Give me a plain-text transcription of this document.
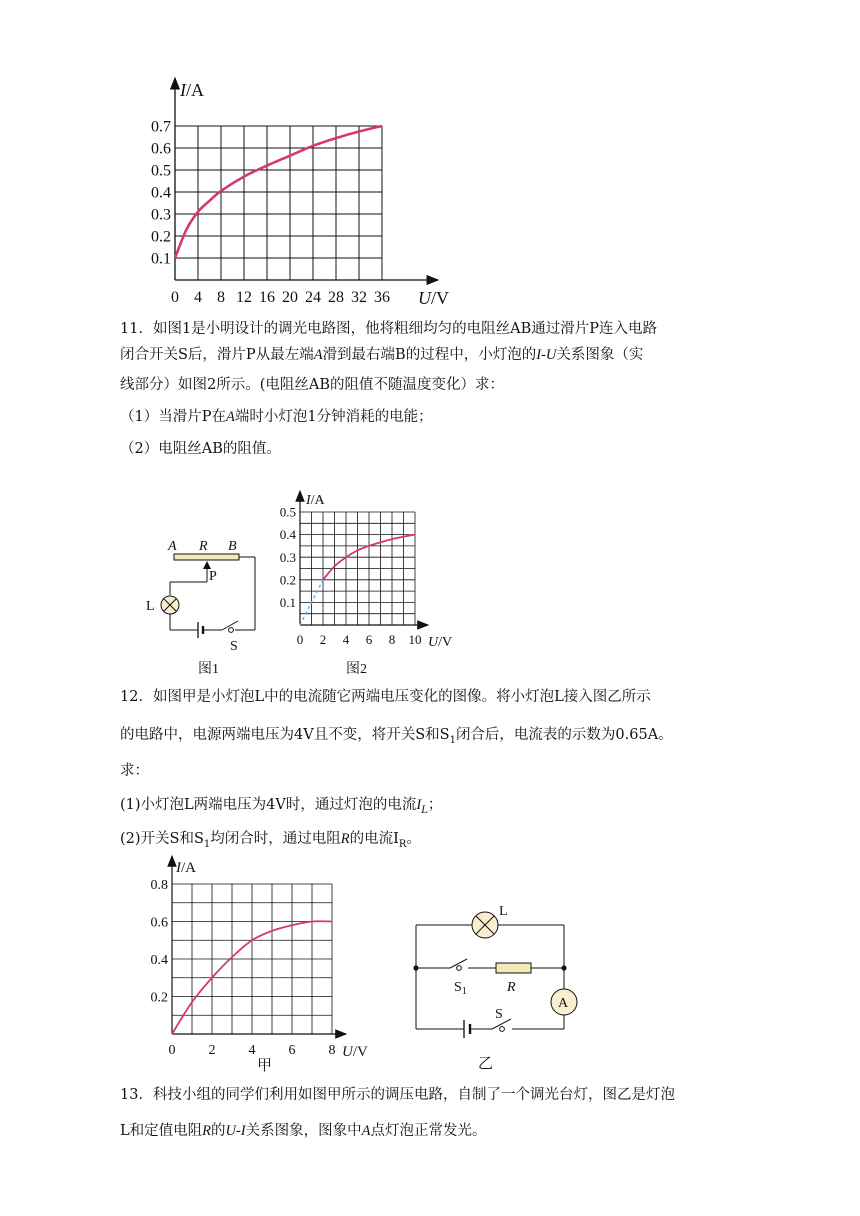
I/A
U/V
0 4 8 12 16 20 24 28 32 36
0.1
0.2
0.3
0.4
0.5
0.6
0.7

11．如图1是小明设计的调光电路图，他将粗细均匀的电阻丝AB通过滑片P连入电路

闭合开关S后，滑片P从最左端A滑到最右端B的过程中，小灯泡的I-U关系图象（实

线部分）如图2所示。(电阻丝AB的阻值不随温度变化）求：

（1）当滑片P在A端时小灯泡1分钟消耗的电能；

（2）电阻丝AB的阻值。

A R B
P
L
S
图1
I/A
U/V
0 2 4 6 8 10
0.1
0.2
0.3
0.4
0.5
图2

12．如图甲是小灯泡L中的电流随它两端电压变化的图像。将小灯泡L接入图乙所示

的电路中，电源两端电压为4V且不变，将开关S和$S_1$闭合后，电流表的示数为0.65A。

求：

(1)小灯泡L两端电压为4V时，通过灯泡的电流$I_L$；

(2)开关S和$S_1$均闭合时，通过电阻R的电流$I_R$。

I/A
U/V
0 2 4 6 8
0.2
0.4
0.6
0.8
甲
L
$S_1$	R
A
S
乙

13．科技小组的同学们利用如图甲所示的调压电路，自制了一个调光台灯，图乙是灯泡

L和定值电阻R的U-I关系图象，图象中A点灯泡正常发光。
